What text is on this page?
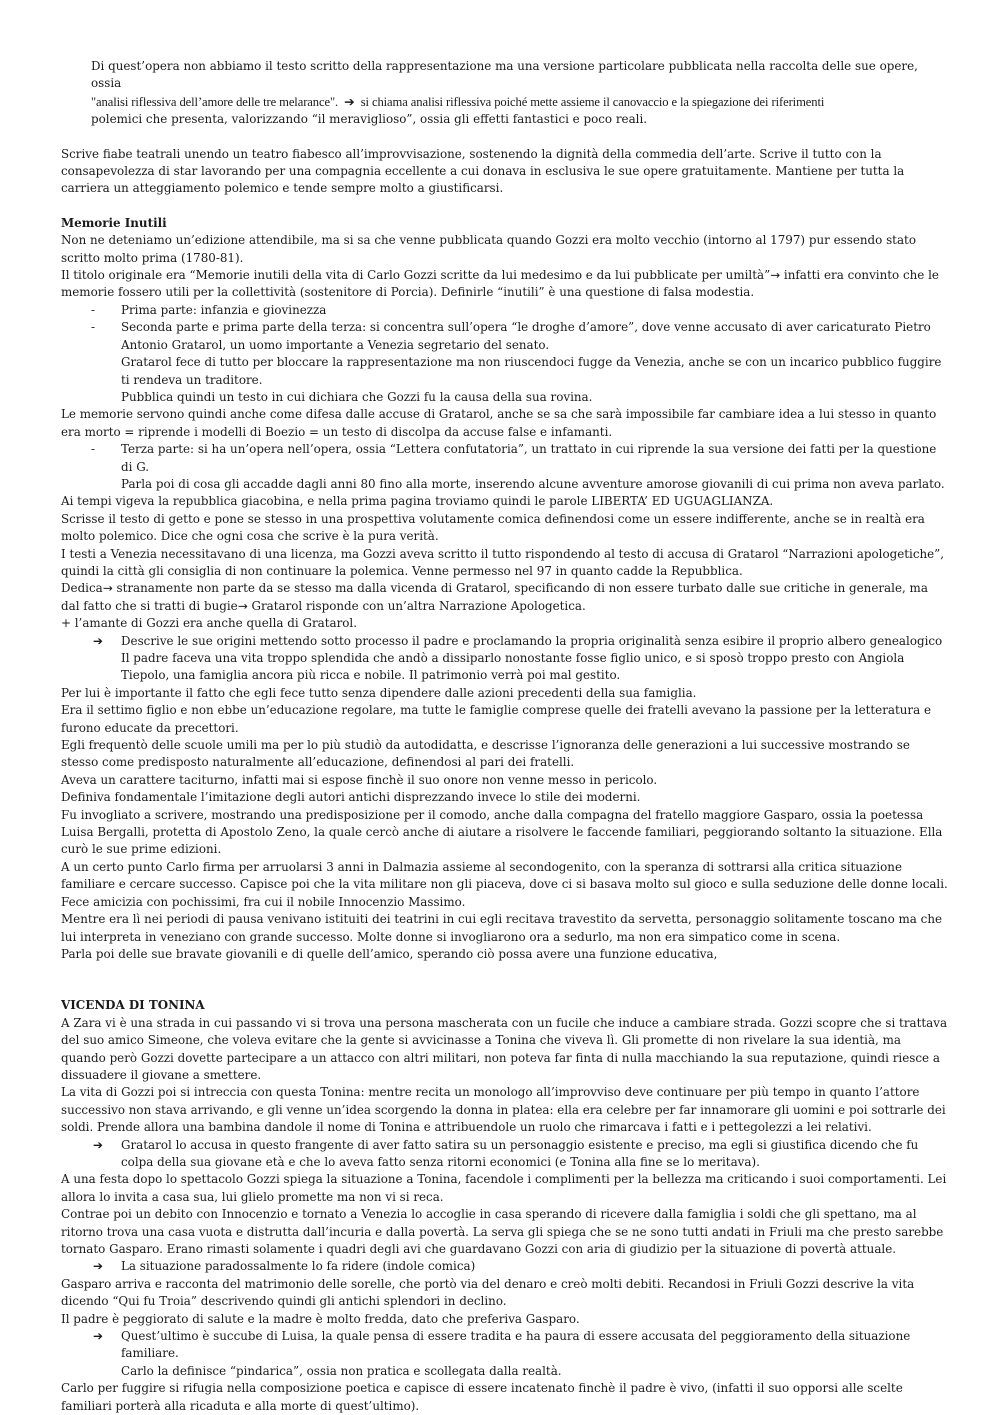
Di quest’opera non abbiamo il testo scritto della rappresentazione ma una versione particolare pubblicata nella raccolta delle sue opere, ossia

"analisi riflessiva dell’amore delle tre melarance". ➔ si chiama analisi riflessiva poiché mette assieme il canovaccio e la spiegazione dei riferimenti

polemici che presenta, valorizzando “il meraviglioso”, ossia gli effetti fantastici e poco reali.

Scrive fiabe teatrali unendo un teatro fiabesco all’improvvisazione, sostenendo la dignità della commedia dell’arte. Scrive il tutto con la consapevolezza di star lavorando per una compagnia eccellente a cui donava in esclusiva le sue opere gratuitamente. Mantiene per tutta la carriera un atteggiamento polemico e tende sempre molto a giustificarsi.

Memorie Inutili

Non ne deteniamo un’edizione attendibile, ma si sa che venne pubblicata quando Gozzi era molto vecchio (intorno al 1797) pur essendo stato scritto molto prima (1780-81).

Il titolo originale era “Memorie inutili della vita di Carlo Gozzi scritte da lui medesimo e da lui pubblicate per umiltà”→ infatti era convinto che le memorie fossero utili per la collettività (sostenitore di Porcia). Definirle “inutili” è una questione di falsa modestia.

- Prima parte: infanzia e giovinezza

- Seconda parte e prima parte della terza: si concentra sull’opera “le droghe d’amore”, dove venne accusato di aver caricaturato Pietro Antonio Gratarol, un uomo importante a Venezia segretario del senato.

Gratarol fece di tutto per bloccare la rappresentazione ma non riuscendoci fugge da Venezia, anche se con un incarico pubblico fuggire ti rendeva un traditore.

Pubblica quindi un testo in cui dichiara che Gozzi fu la causa della sua rovina.

Le memorie servono quindi anche come difesa dalle accuse di Gratarol, anche se sa che sarà impossibile far cambiare idea a lui stesso in quanto era morto = riprende i modelli di Boezio = un testo di discolpa da accuse false e infamanti.

- Terza parte: si ha un’opera nell’opera, ossia “Lettera confutatoria”, un trattato in cui riprende la sua versione dei fatti per la questione di G.

Parla poi di cosa gli accadde dagli anni 80 fino alla morte, inserendo alcune avventure amorose giovanili di cui prima non aveva parlato.

Ai tempi vigeva la repubblica giacobina, e nella prima pagina troviamo quindi le parole LIBERTA’ ED UGUAGLIANZA.

Scrisse il testo di getto e pone se stesso in una prospettiva volutamente comica definendosi come un essere indifferente, anche se in realtà era molto polemico. Dice che ogni cosa che scrive è la pura verità.

I testi a Venezia necessitavano di una licenza, ma Gozzi aveva scritto il tutto rispondendo al testo di accusa di Gratarol “Narrazioni apologetiche”, quindi la città gli consiglia di non continuare la polemica. Venne permesso nel 97 in quanto cadde la Repubblica.

Dedica→ stranamente non parte da se stesso ma dalla vicenda di Gratarol, specificando di non essere turbato dalle sue critiche in generale, ma dal fatto che si tratti di bugie→ Gratarol risponde con un’altra Narrazione Apologetica.

+ l’amante di Gozzi era anche quella di Gratarol.

➔ Descrive le sue origini mettendo sotto processo il padre e proclamando la propria originalità senza esibire il proprio albero genealogico

Il padre faceva una vita troppo splendida che andò a dissiparlo nonostante fosse figlio unico, e si sposò troppo presto con Angiola Tiepolo, una famiglia ancora più ricca e nobile. Il patrimonio verrà poi mal gestito.

Per lui è importante il fatto che egli fece tutto senza dipendere dalle azioni precedenti della sua famiglia.

Era il settimo figlio e non ebbe un’educazione regolare, ma tutte le famiglie comprese quelle dei fratelli avevano la passione per la letteratura e furono educate da precettori.

Egli frequentò delle scuole umili ma per lo più studiò da autodidatta, e descrisse l’ignoranza delle generazioni a lui successive mostrando se stesso come predisposto naturalmente all’educazione, definendosi al pari dei fratelli.

Aveva un carattere taciturno, infatti mai si espose finchè il suo onore non venne messo in pericolo.

Definiva fondamentale l’imitazione degli autori antichi disprezzando invece lo stile dei moderni.

Fu invogliato a scrivere, mostrando una predisposizione per il comodo, anche dalla compagna del fratello maggiore Gasparo, ossia la poetessa Luisa Bergalli, protetta di Apostolo Zeno, la quale cercò anche di aiutare a risolvere le faccende familiari, peggiorando soltanto la situazione. Ella curò le sue prime edizioni.

A un certo punto Carlo firma per arruolarsi 3 anni in Dalmazia assieme al secondogenito, con la speranza di sottrarsi alla critica situazione familiare e cercare successo. Capisce poi che la vita militare non gli piaceva, dove ci si basava molto sul gioco e sulla seduzione delle donne locali.

Fece amicizia con pochissimi, fra cui il nobile Innocenzio Massimo.

Mentre era lì nei periodi di pausa venivano istituiti dei teatrini in cui egli recitava travestito da servetta, personaggio solitamente toscano ma che lui interpreta in veneziano con grande successo. Molte donne si invogliarono ora a sedurlo, ma non era simpatico come in scena.

Parla poi delle sue bravate giovanili e di quelle dell’amico, sperando ciò possa avere una funzione educativa,

VICENDA DI TONINA

A Zara vi è una strada in cui passando vi si trova una persona mascherata con un fucile che induce a cambiare strada. Gozzi scopre che si trattava del suo amico Simeone, che voleva evitare che la gente si avvicinasse a Tonina che viveva lì. Gli promette di non rivelare la sua identià, ma quando però Gozzi dovette partecipare a un attacco con altri militari, non poteva far finta di nulla macchiando la sua reputazione, quindi riesce a dissuadere il giovane a smettere.

La vita di Gozzi poi si intreccia con questa Tonina: mentre recita un monologo all’improvviso deve continuare per più tempo in quanto l’attore successivo non stava arrivando, e gli venne un’idea scorgendo la donna in platea: ella era celebre per far innamorare gli uomini e poi sottrarle dei soldi. Prende allora una bambina dandole il nome di Tonina e attribuendole un ruolo che rimarcava i fatti e i pettegolezzi a lei relativi.

➔ Gratarol lo accusa in questo frangente di aver fatto satira su un personaggio esistente e preciso, ma egli si giustifica dicendo che fu colpa della sua giovane età e che lo aveva fatto senza ritorni economici (e Tonina alla fine se lo meritava).

A una festa dopo lo spettacolo Gozzi spiega la situazione a Tonina, facendole i complimenti per la bellezza ma criticando i suoi comportamenti. Lei allora lo invita a casa sua, lui glielo promette ma non vi si reca.

Contrae poi un debito con Innocenzio e tornato a Venezia lo accoglie in casa sperando di ricevere dalla famiglia i soldi che gli spettano, ma al ritorno trova una casa vuota e distrutta dall’incuria e dalla povertà. La serva gli spiega che se ne sono tutti andati in Friuli ma che presto sarebbe tornato Gasparo. Erano rimasti solamente i quadri degli avi che guardavano Gozzi con aria di giudizio per la situazione di povertà attuale.

➔ La situazione paradossalmente lo fa ridere (indole comica)

Gasparo arriva e racconta del matrimonio delle sorelle, che portò via del denaro e creò molti debiti. Recandosi in Friuli Gozzi descrive la vita dicendo “Qui fu Troia” descrivendo quindi gli antichi splendori in declino.

Il padre è peggiorato di salute e la madre è molto fredda, dato che preferiva Gasparo.

➔ Quest’ultimo è succube di Luisa, la quale pensa di essere tradita e ha paura di essere accusata del peggioramento della situazione familiare.

Carlo la definisce “pindarica”, ossia non pratica e scollegata dalla realtà.

Carlo per fuggire si rifugia nella composizione poetica e capisce di essere incatenato finchè il padre è vivo, (infatti il suo opporsi alle scelte familiari porterà alla ricaduta e alla morte di quest’ultimo).
